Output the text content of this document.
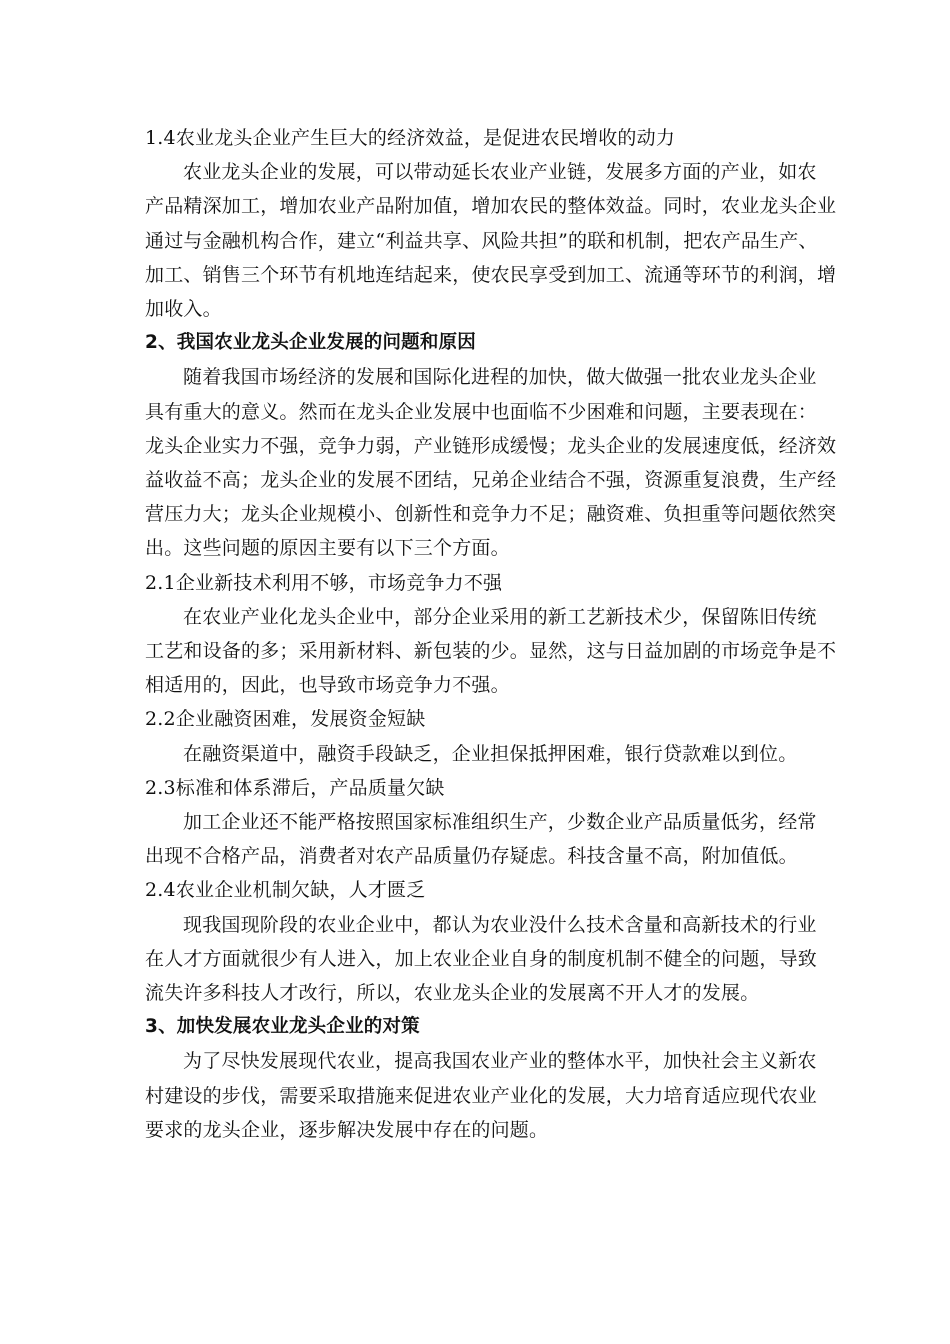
1.4农业龙头企业产生巨大的经济效益，是促进农民增收的动力
农业龙头企业的发展，可以带动延长农业产业链，发展多方面的产业，如农
产品精深加工，增加农业产品附加值，增加农民的整体效益。同时，农业龙头企业
通过与金融机构合作，建立“利益共享、风险共担”的联和机制，把农产品生产、
加工、销售三个环节有机地连结起来，使农民享受到加工、流通等环节的利润，增
加收入。
2、我国农业龙头企业发展的问题和原因
随着我国市场经济的发展和国际化进程的加快，做大做强一批农业龙头企业
具有重大的意义。然而在龙头企业发展中也面临不少困难和问题，主要表现在：
龙头企业实力不强，竞争力弱，产业链形成缓慢；龙头企业的发展速度低，经济效
益收益不高；龙头企业的发展不团结，兄弟企业结合不强，资源重复浪费，生产经
营压力大；龙头企业规模小、创新性和竞争力不足；融资难、负担重等问题依然突
出。这些问题的原因主要有以下三个方面。
2.1企业新技术利用不够，市场竞争力不强
在农业产业化龙头企业中，部分企业采用的新工艺新技术少，保留陈旧传统
工艺和设备的多；采用新材料、新包装的少。显然，这与日益加剧的市场竞争是不
相适用的，因此，也导致市场竞争力不强。
2.2企业融资困难，发展资金短缺
在融资渠道中，融资手段缺乏，企业担保抵押困难，银行贷款难以到位。
2.3标准和体系滞后，产品质量欠缺
加工企业还不能严格按照国家标准组织生产，少数企业产品质量低劣，经常
出现不合格产品，消费者对农产品质量仍存疑虑。科技含量不高，附加值低。
2.4农业企业机制欠缺，人才匮乏
现我国现阶段的农业企业中，都认为农业没什么技术含量和高新技术的行业
在人才方面就很少有人进入，加上农业企业自身的制度机制不健全的问题，导致
流失许多科技人才改行，所以，农业龙头企业的发展离不开人才的发展。
3、加快发展农业龙头企业的对策
为了尽快发展现代农业，提高我国农业产业的整体水平，加快社会主义新农
村建设的步伐，需要采取措施来促进农业产业化的发展，大力培育适应现代农业
要求的龙头企业，逐步解决发展中存在的问题。
